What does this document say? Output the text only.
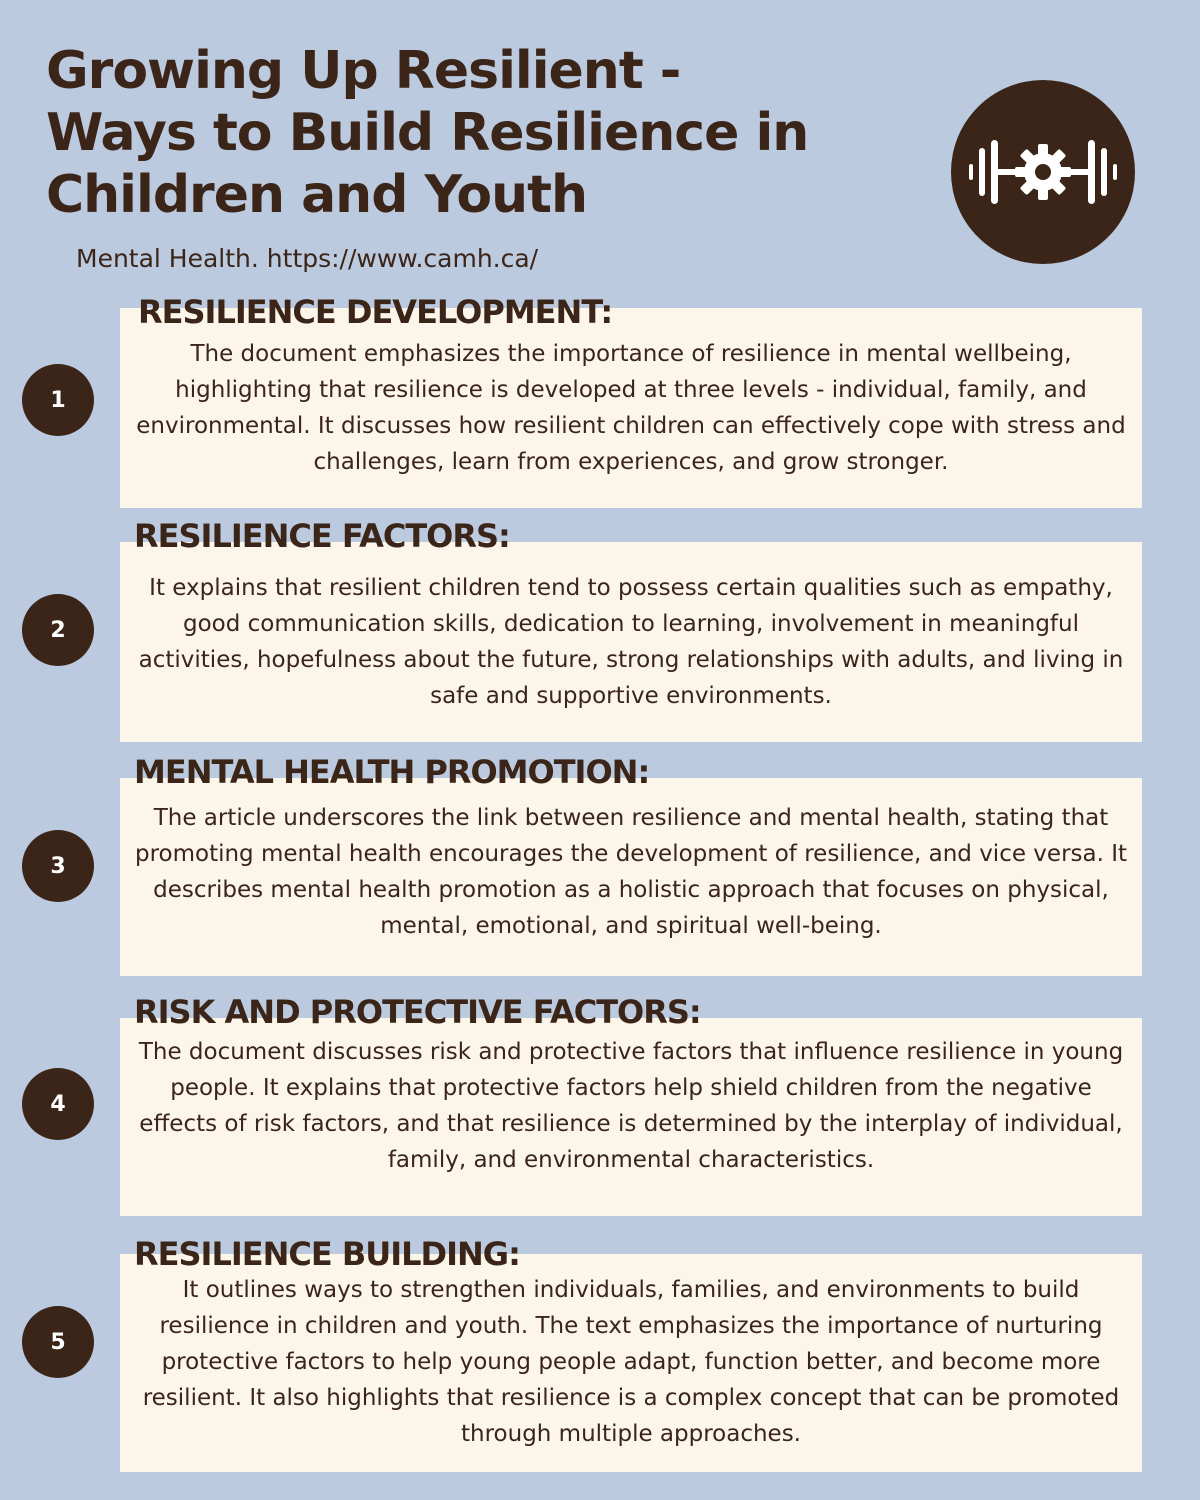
Growing Up Resilient -
Ways to Build Resilience in
Children and Youth
Mental Health. https://www.camh.ca/
The document emphasizes the importance of resilience in mental wellbeing, highlighting that resilience is developed at three levels - individual, family, and environmental. It discusses how resilient children can effectively cope with stress and challenges, learn from experiences, and grow stronger.
RESILIENCE DEVELOPMENT:
1
It explains that resilient children tend to possess certain qualities such as empathy, good communication skills, dedication to learning, involvement in meaningful activities, hopefulness about the future, strong relationships with adults, and living in safe and supportive environments.
RESILIENCE FACTORS:
2
The article underscores the link between resilience and mental health, stating that promoting mental health encourages the development of resilience, and vice versa. It describes mental health promotion as a holistic approach that focuses on physical, mental, emotional, and spiritual well-being.
MENTAL HEALTH PROMOTION:
3
The document discusses risk and protective factors that influence resilience in young people. It explains that protective factors help shield children from the negative effects of risk factors, and that resilience is determined by the interplay of individual, family, and environmental characteristics.
RISK AND PROTECTIVE FACTORS:
4
It outlines ways to strengthen individuals, families, and environments to build resilience in children and youth. The text emphasizes the importance of nurturing protective factors to help young people adapt, function better, and become more resilient. It also highlights that resilience is a complex concept that can be promoted through multiple approaches.
RESILIENCE BUILDING:
5
